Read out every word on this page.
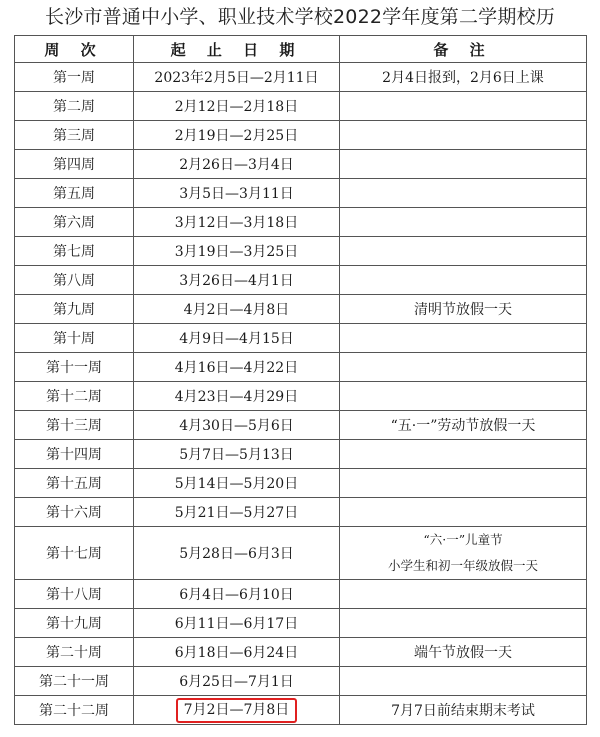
长沙市普通中小学、职业技术学校2022学年度第二学期校历
周 次	起 止 日 期	备 注
第一周	2023年2月5日—2月11日	2月4日报到，2月6日上课
第二周	2月12日—2月18日	
第三周	2月19日—2月25日	
第四周	2月26日—3月4日	
第五周	3月5日—3月11日	
第六周	3月12日—3月18日	
第七周	3月19日—3月25日	
第八周	3月26日—4月1日	
第九周	4月2日—4月8日	清明节放假一天
第十周	4月9日—4月15日	
第十一周	4月16日—4月22日	
第十二周	4月23日—4月29日	
第十三周	4月30日—5月6日	“五·一”劳动节放假一天
第十四周	5月7日—5月13日	
第十五周	5月14日—5月20日	
第十六周	5月21日—5月27日	
第十七周	5月28日—6月3日	“六·一”儿童节
小学生和初一年级放假一天

第十八周	6月4日—6月10日	
第十九周	6月11日—6月17日	
第二十周	6月18日—6月24日	端午节放假一天
第二十一周	6月25日—7月1日	
第二十二周	7月2日—7月8日	7月7日前结束期末考试
